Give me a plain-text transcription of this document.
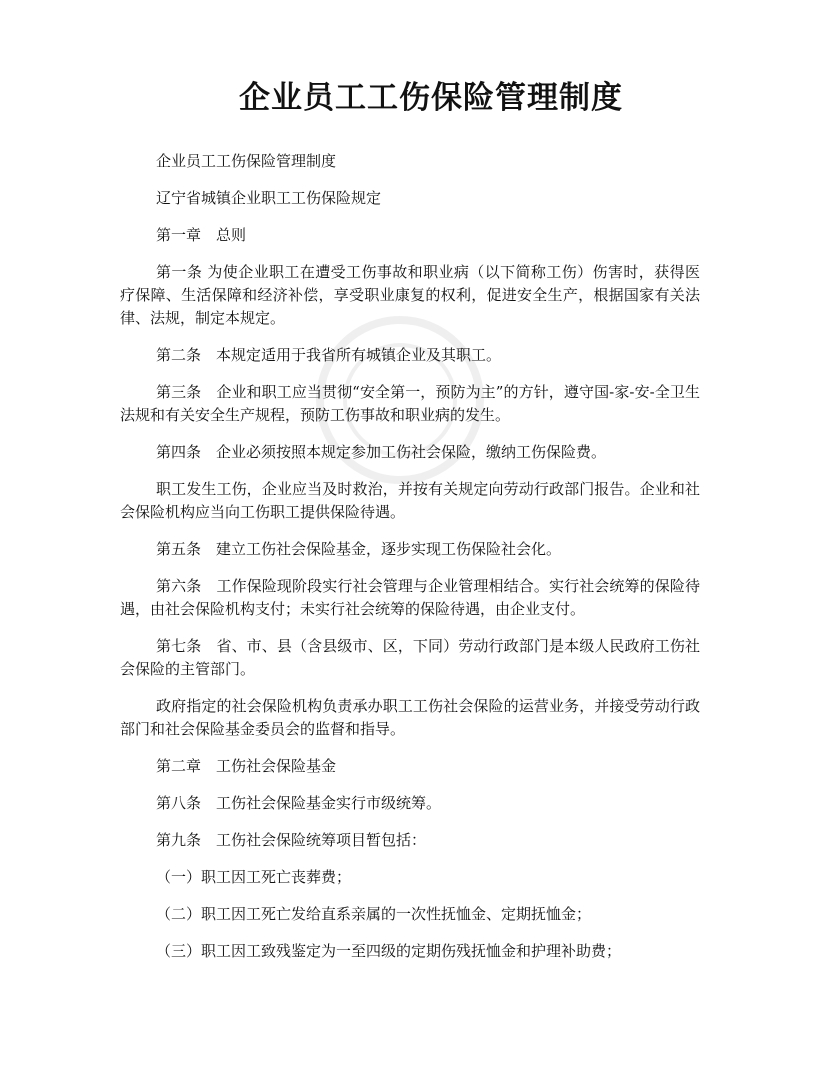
企业员工工伤保险管理制度

企业员工工伤保险管理制度

辽宁省城镇企业职工工伤保险规定

第一章　总则

第一条 为使企业职工在遭受工伤事故和职业病（以下简称工伤）伤害时，获得医疗保障、生活保障和经济补偿，享受职业康复的权利，促进安全生产，根据国家有关法律、法规，制定本规定。

第二条　本规定适用于我省所有城镇企业及其职工。

第三条　企业和职工应当贯彻“安全第一，预防为主”的方针，遵守国-家-安-全卫生法规和有关安全生产规程，预防工伤事故和职业病的发生。

第四条　企业必须按照本规定参加工伤社会保险，缴纳工伤保险费。

职工发生工伤，企业应当及时救治，并按有关规定向劳动行政部门报告。企业和社会保险机构应当向工伤职工提供保险待遇。

第五条　建立工伤社会保险基金，逐步实现工伤保险社会化。

第六条　工作保险现阶段实行社会管理与企业管理相结合。实行社会统筹的保险待遇，由社会保险机构支付；未实行社会统筹的保险待遇，由企业支付。

第七条　省、市、县（含县级市、区，下同）劳动行政部门是本级人民政府工伤社会保险的主管部门。

政府指定的社会保险机构负责承办职工工伤社会保险的运营业务，并接受劳动行政部门和社会保险基金委员会的监督和指导。

第二章　工伤社会保险基金

第八条　工伤社会保险基金实行市级统筹。

第九条　工伤社会保险统筹项目暂包括：

（一）职工因工死亡丧葬费；

（二）职工因工死亡发给直系亲属的一次性抚恤金、定期抚恤金；

（三）职工因工致残鉴定为一至四级的定期伤残抚恤金和护理补助费；
